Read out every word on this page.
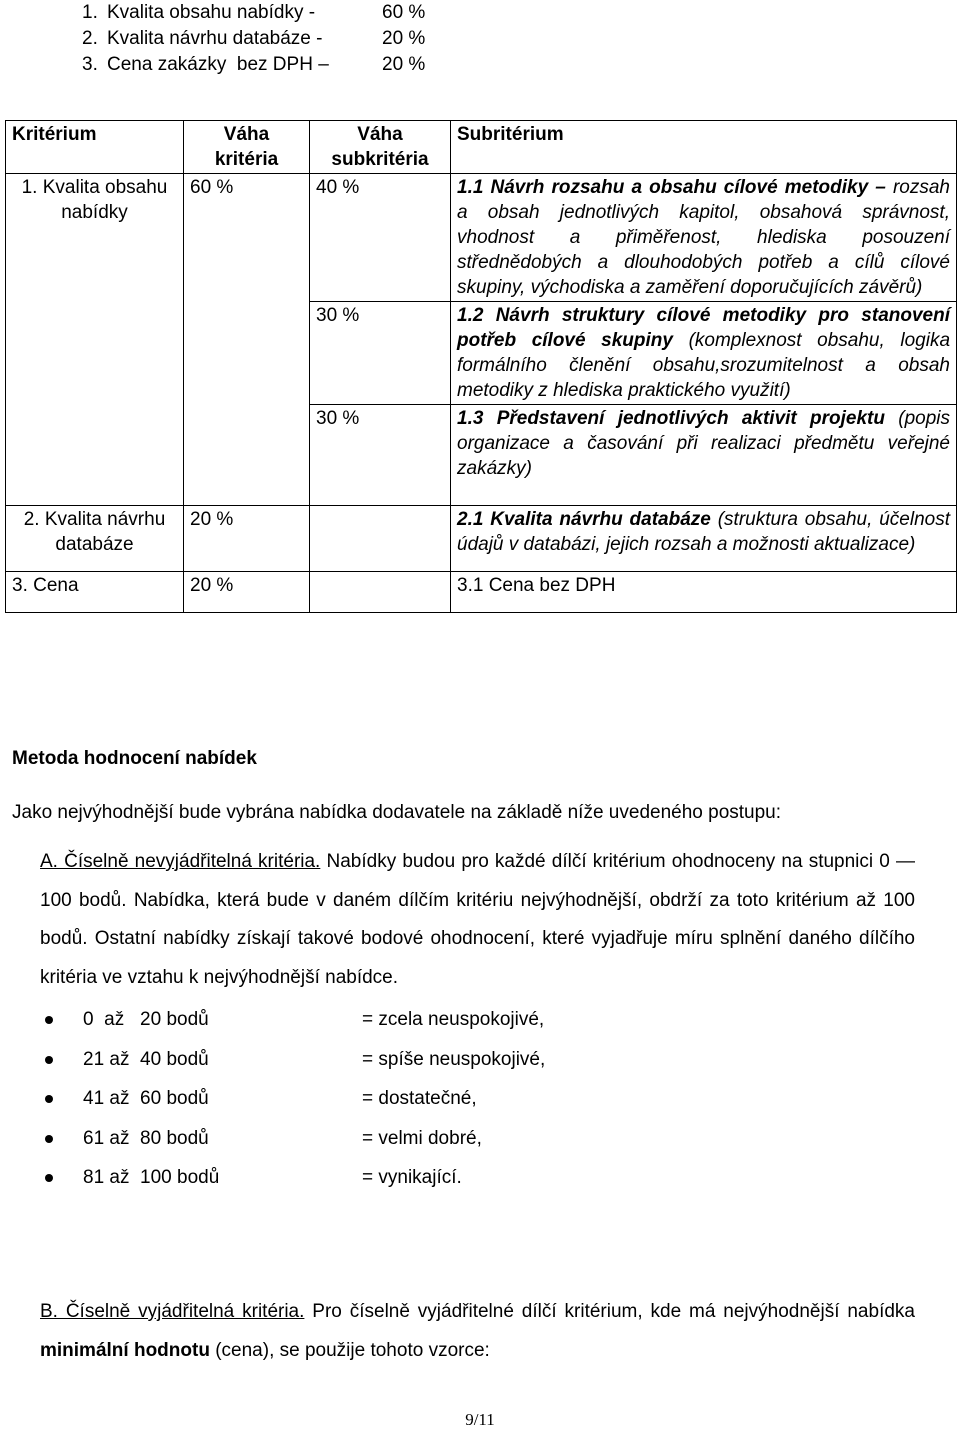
1. Kvalita obsahu nabídky -	60 %
2. Kvalita návrhu databáze -	20 %
3. Cena zakázky  bez DPH –	20 %
Kritérium	Váha kritéria	Váha subkritéria	Subritérium
1. Kvalita obsahu nabídky	60 %	40 %	1.1 Návrh rozsahu a obsahu cílové metodiky – rozsah a obsah jednotlivých kapitol, obsahová správnost, vhodnost a přiměřenost, hlediska posouzení střednědobých a dlouhodobých potřeb a cílů cílové skupiny, východiska a zaměření doporučujících závěrů)
		30 %	1.2 Návrh struktury cílové metodiky pro stanovení potřeb cílové skupiny (komplexnost obsahu, logika formálního členění obsahu,srozumitelnost a obsah metodiky z hlediska praktického využití)
		30 %	1.3 Představení jednotlivých aktivit projektu (popis organizace a časování při realizaci předmětu veřejné zakázky)
2. Kvalita návrhu databáze	20 %		2.1 Kvalita návrhu databáze (struktura obsahu, účelnost údajů v databázi, jejich rozsah a možnosti aktualizace)
3. Cena	20 %		3.1 Cena bez DPH
Metoda hodnocení nabídek
Jako nejvýhodnější bude vybrána nabídka dodavatele na základě níže uvedeného postupu:
A. Číselně nevyjádřitelná kritéria. Nabídky budou pro každé dílčí kritérium ohodnoceny na stupnici 0 — 100 bodů. Nabídka, která bude v daném dílčím kritériu nejvýhodnější, obdrží za toto kritérium až 100 bodů. Ostatní nabídky získají takové bodové ohodnocení, které vyjadřuje míru splnění daného dílčího kritéria ve vztahu k nejvýhodnější nabídce.
0  až   20 bodů	= zcela neuspokojivé,
21 až  40 bodů	= spíše neuspokojivé,
41 až  60 bodů	= dostatečné,
61 až  80 bodů	= velmi dobré,
81 až  100 bodů	= vynikající.
B. Číselně vyjádřitelná kritéria. Pro číselně vyjádřitelné dílčí kritérium, kde má nejvýhodnější nabídka minimální hodnotu (cena), se použije tohoto vzorce:
9/11
